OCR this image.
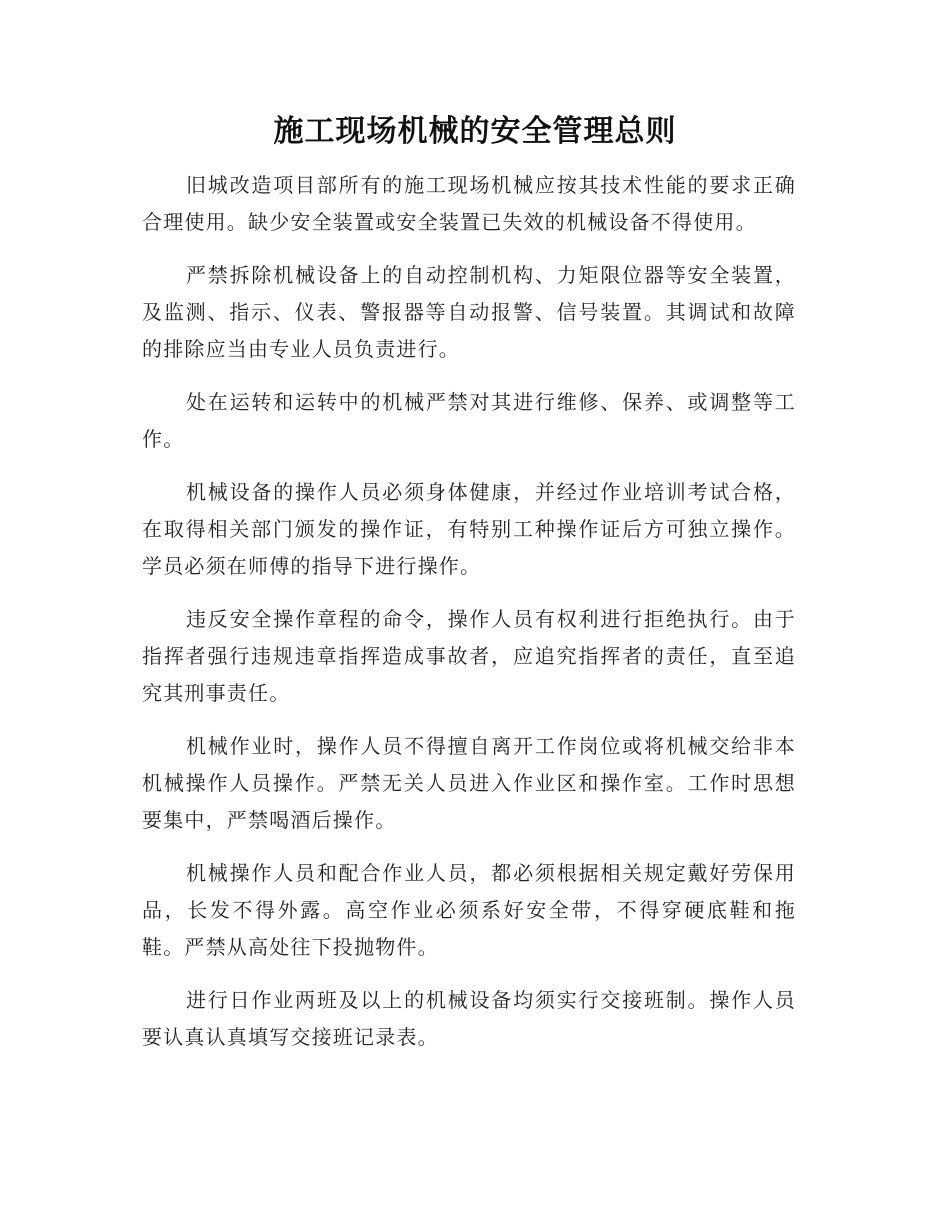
施工现场机械的安全管理总则

旧城改造项目部所有的施工现场机械应按其技术性能的要求正确合理使用。缺少安全装置或安全装置已失效的机械设备不得使用。

严禁拆除机械设备上的自动控制机构、力矩限位器等安全装置，及监测、指示、仪表、警报器等自动报警、信号装置。其调试和故障的排除应当由专业人员负责进行。

处在运转和运转中的机械严禁对其进行维修、保养、或调整等工作。

机械设备的操作人员必须身体健康，并经过作业培训考试合格，在取得相关部门颁发的操作证，有特别工种操作证后方可独立操作。学员必须在师傅的指导下进行操作。

违反安全操作章程的命令，操作人员有权利进行拒绝执行。由于指挥者强行违规违章指挥造成事故者，应追究指挥者的责任，直至追究其刑事责任。

机械作业时，操作人员不得擅自离开工作岗位或将机械交给非本机械操作人员操作。严禁无关人员进入作业区和操作室。工作时思想要集中，严禁喝酒后操作。

机械操作人员和配合作业人员，都必须根据相关规定戴好劳保用品，长发不得外露。高空作业必须系好安全带，不得穿硬底鞋和拖鞋。严禁从高处往下投抛物件。

进行日作业两班及以上的机械设备均须实行交接班制。操作人员要认真认真填写交接班记录表。
